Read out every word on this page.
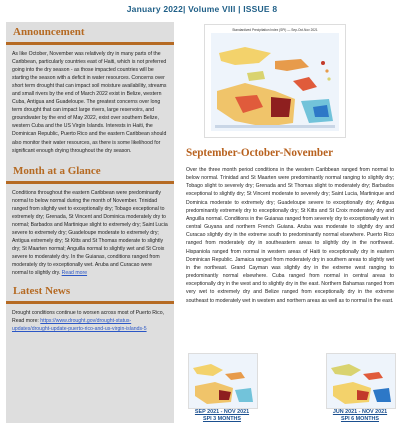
January 2022| Volume VIII | ISSUE 8
Announcement

As like October, November was relatively dry in many parts of the Caribbean, particularly countries east of Haiti, which is not preferred going into the dry season - as those impacted countries will be starting the season with a deficit in water resources. Concerns over short term drought that can impact soil moisture availability, streams and small rivers by the end of March 2022 exist in Belize, western Cuba, Antigua and Guadeloupe. The greatest concerns over long term drought that can impact large rivers, large reservoirs, and groundwater by the end of May 2022, exist over southern Belize, western Cuba and the US Virgin Islands. Interests in Haiti, the Dominican Republic, Puerto Rico and the eastern Caribbean should also monitor their water resources, as there is some likelihood for significant enough drying throughout the dry season.

Month at a Glance

Conditions throughout the eastern Caribbean were predominantly normal to below normal during the month of November. Trinidad ranged from slightly wet to exceptionally dry; Tobago exceptional to extremely dry; Grenada, St Vincent and Dominica moderately dry to normal; Barbados and Martinique slight to extremely dry; Saint Lucia severe to extremely dry; Guadeloupe moderate to extremely dry; Antigua extremely dry; St Kitts and St Thomas moderate to slightly dry; St Maarten normal; Anguilla normal to slightly wet and St Croix severe to moderately dry. In the Guianas, conditions ranged from moderately dry to exceptionally wet. Aruba and Curacao were normal to slightly dry. Read more

Latest News

Drought conditions continue to worsen across most of Puerto Rico, Read more: https://www.drought.gov/drought-status-updates/drought-update-puerto-rico-and-us-virgin-islands-5

Standardized Precipitation Index (SPI) — Sep-Oct-Nov 2021
September-October-November

Over the three month period conditions in the western Caribbean ranged from normal to below normal. Trinidad and St Maarten were predominantly normal ranging to slightly dry; Tobago slight to severely dry; Grenada and St Thomas slight to moderately dry; Barbados exceptional to slightly dry; St Vincent moderate to severely dry; Saint Lucia, Martinique and Dominica moderate to extremely dry; Guadeloupe severe to exceptionally dry; Antigua predominantly extremely dry to exceptionally dry; St Kitts and St Croix moderately dry and Anguilla normal. Conditions in the Guianas ranged from severely dry to exceptionally wet in central Guyana and northern French Guiana. Aruba was moderate to slightly dry and Curacao slightly dry in the extreme south to predominantly normal elsewhere. Puerto Rico ranged from moderately dry in southeastern areas to slightly dry in the northwest. Hispaniola ranged from normal in western areas of Haiti to exceptionally dry in eastern Dominican Republic. Jamaica ranged from moderately dry in southern areas to slightly wet in the northeast. Grand Cayman was slightly dry in the extreme west ranging to predominantly normal elsewhere. Cuba ranged from normal in central areas to exceptionally dry in the west and to slightly dry in the east. Northern Bahamas ranged from very wet to extremely dry and Belize ranged from exceptionally dry in the extreme southeast to moderately wet in western and northern areas as well as to normal in the east.

SEP 2021 - NOV 2021
SPI 3 MONTHS
JUN 2021 - NOV 2021
SPI 6 MONTHS
